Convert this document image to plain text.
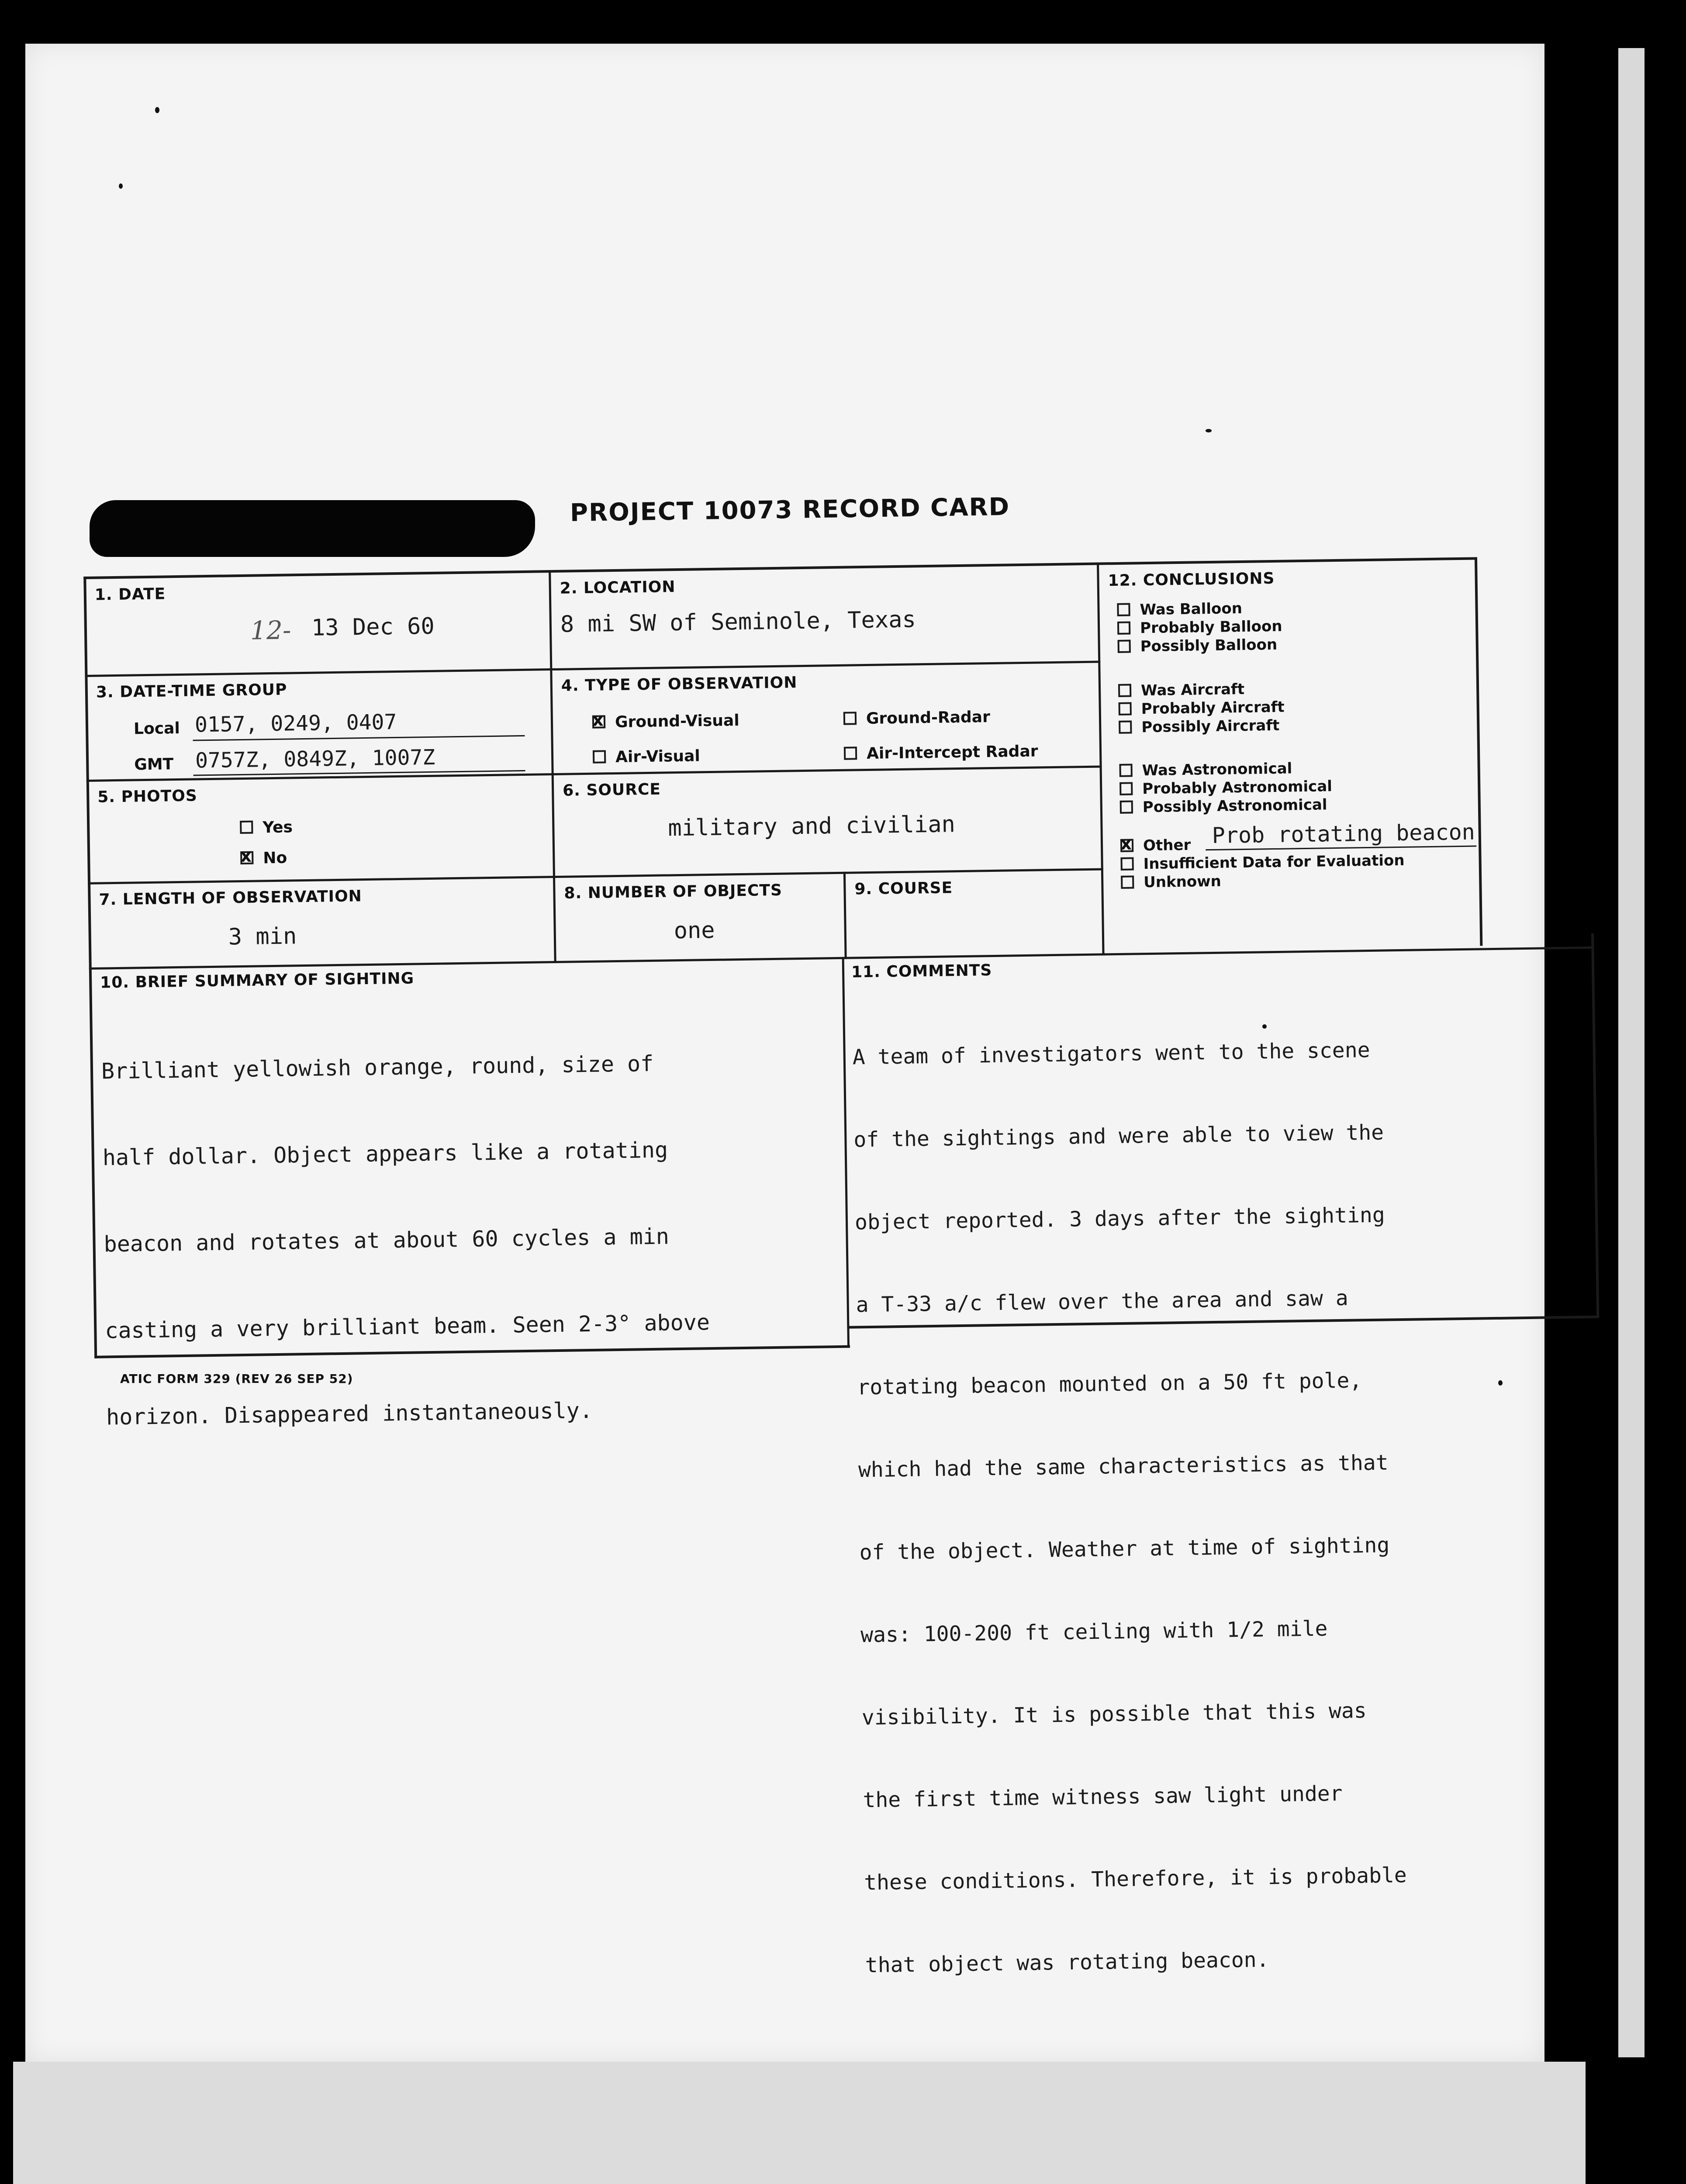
PROJECT 10073 RECORD CARD
1. DATE
12- 13 Dec 60
2. LOCATION
8 mi SW of Seminole, Texas
3. DATE-TIME GROUP
Local 0157, 0249, 0407
GMT 0757Z, 0849Z, 1007Z
4. TYPE OF OBSERVATION
xGround-Visual	Ground-Radar
Air-Visual	Air-Intercept Radar
5. PHOTOS
Yes
xNo
6. SOURCE
military and civilian
7. LENGTH OF OBSERVATION
3 min
8. NUMBER OF OBJECTS
one
9. COURSE
10. BRIEF SUMMARY OF SIGHTING

Brilliant yellowish orange, round, size of

half dollar. Object appears like a rotating

beacon and rotates at about 60 cycles a min

casting a very brilliant beam. Seen 2-3° above

horizon. Disappeared instantaneously.

11. COMMENTS

A team of investigators went to the scene

of the sightings and were able to view the

object reported. 3 days after the sighting

a T-33 a/c flew over the area and saw a

rotating beacon mounted on a 50 ft pole,

which had the same characteristics as that

of the object. Weather at time of sighting

was: 100-200 ft ceiling with 1/2 mile

visibility. It is possible that this was

the first time witness saw light under

these conditions. Therefore, it is probable

that object was rotating beacon.

12. CONCLUSIONS
Was Balloon
Probably Balloon
Possibly Balloon
Was Aircraft
Probably Aircraft
Possibly Aircraft
Was Astronomical
Probably Astronomical
Possibly Astronomical
xOther Prob rotating beacon
Insufficient Data for Evaluation
Unknown
ATIC FORM 329 (REV 26 SEP 52)
